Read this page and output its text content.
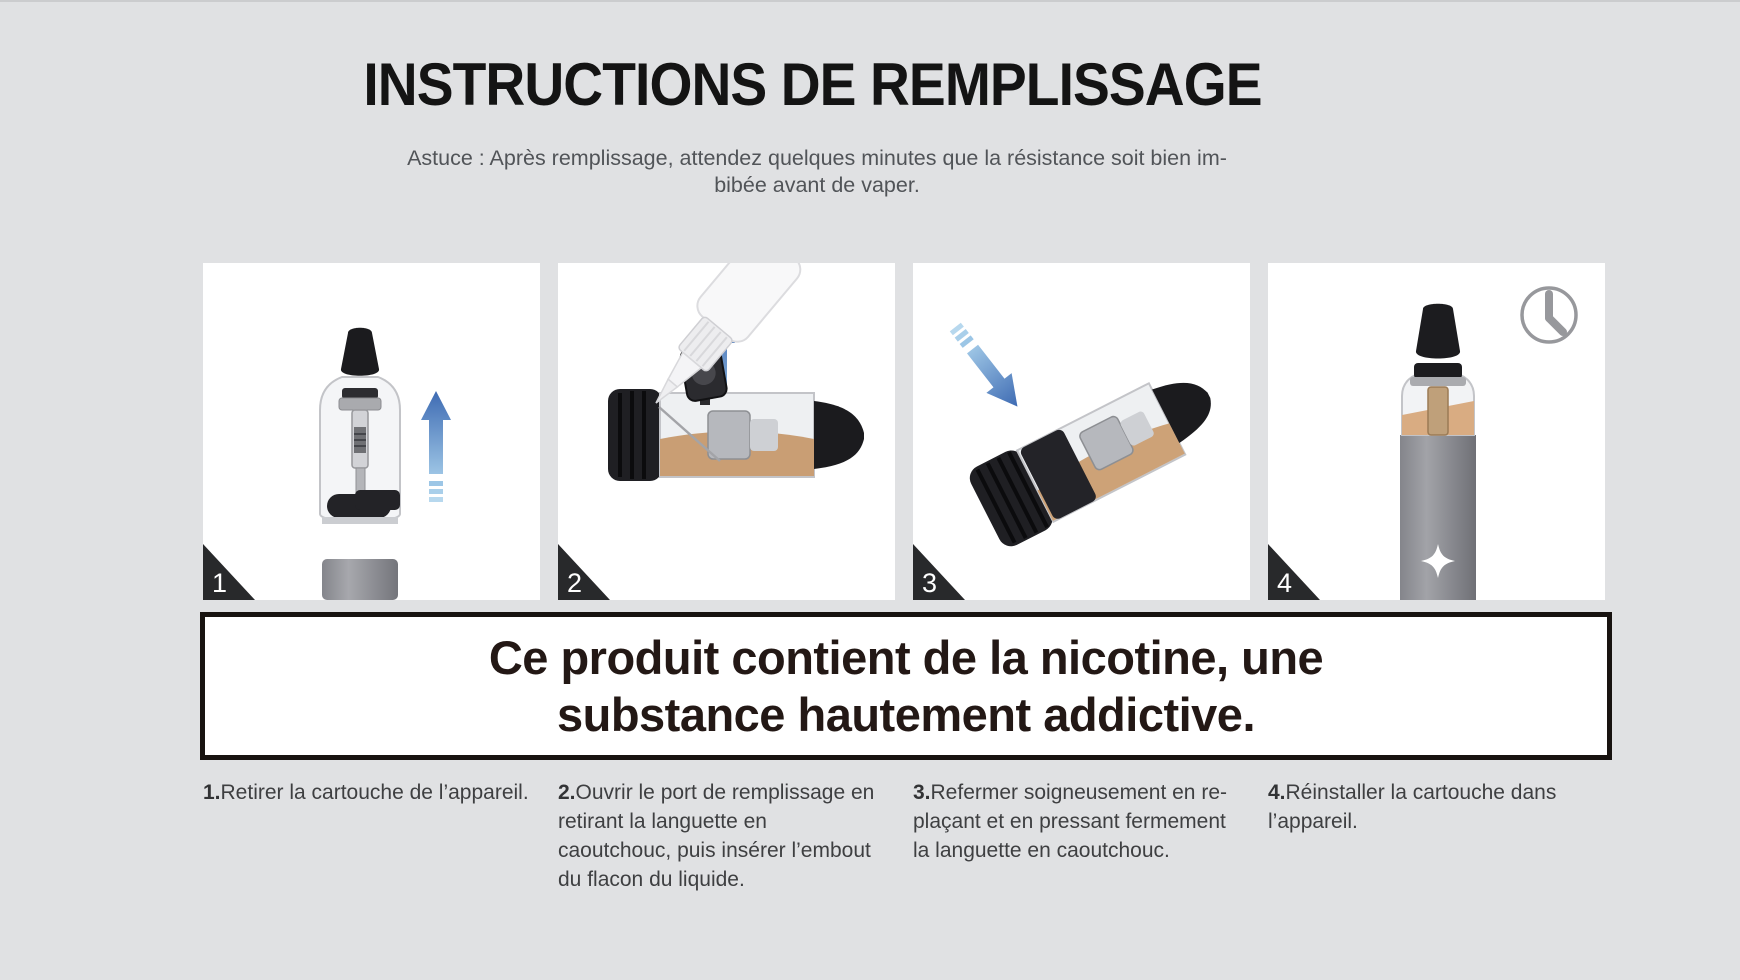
INSTRUCTIONS DE REMPLISSAGE
Astuce : Après remplissage, attendez quelques minutes que la résistance soit bien im-
bibée avant de vaper.
1	2	3	4
Ce produit contient de la nicotine, une
substance hautement addictive.
1.Retirer la cartouche de l’appareil.	2.Ouvrir le port de remplissage en retirant la languette en caoutchouc, puis insérer l’embout du flacon du liquide.
3.Refermer soigneusement en re-plaçant et en pressant fermement la languette en caoutchouc.
4.Réinstaller la cartouche dans l’appareil.
